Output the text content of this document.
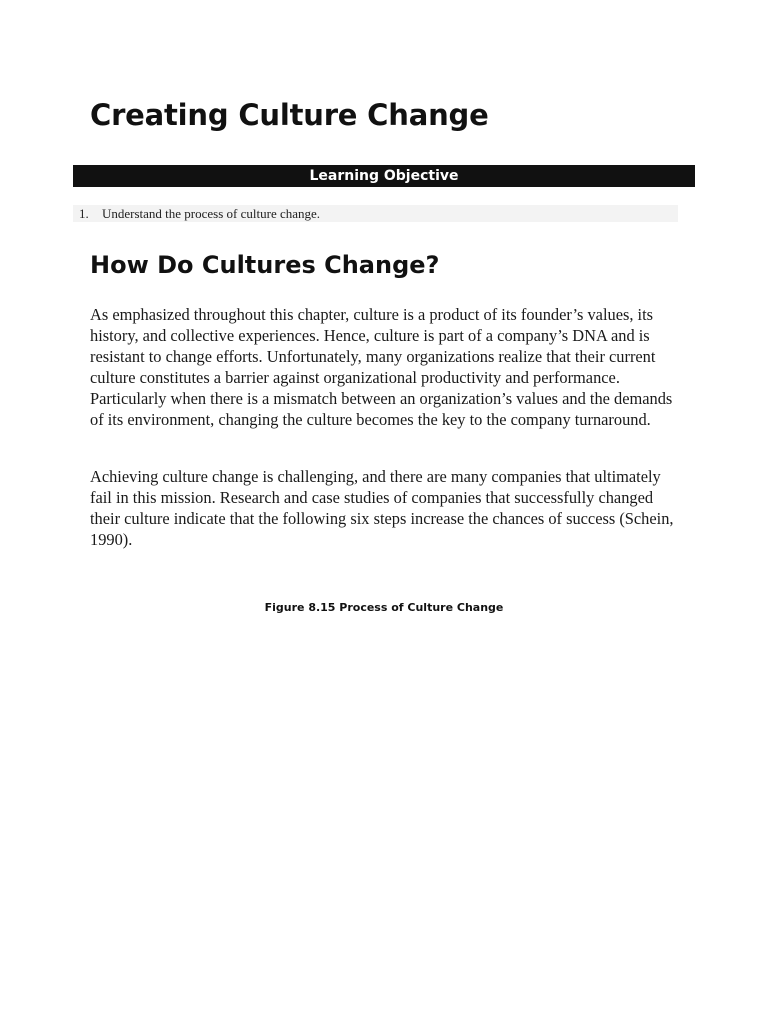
Creating Culture Change
Learning Objective
1. Understand the process of culture change.
How Do Cultures Change?

As emphasized throughout this chapter, culture is a product of its founder’s values, its history, and collective experiences. Hence, culture is part of a company’s DNA and is resistant to change efforts. Unfortunately, many organizations realize that their current culture constitutes a barrier against organizational productivity and performance. Particularly when there is a mismatch between an organization’s values and the demands of its environment, changing the culture becomes the key to the company turnaround.

Achieving culture change is challenging, and there are many companies that ultimately fail in this mission. Research and case studies of companies that successfully changed their culture indicate that the following six steps increase the chances of success (Schein, 1990).

Figure 8.15 Process of Culture Change
